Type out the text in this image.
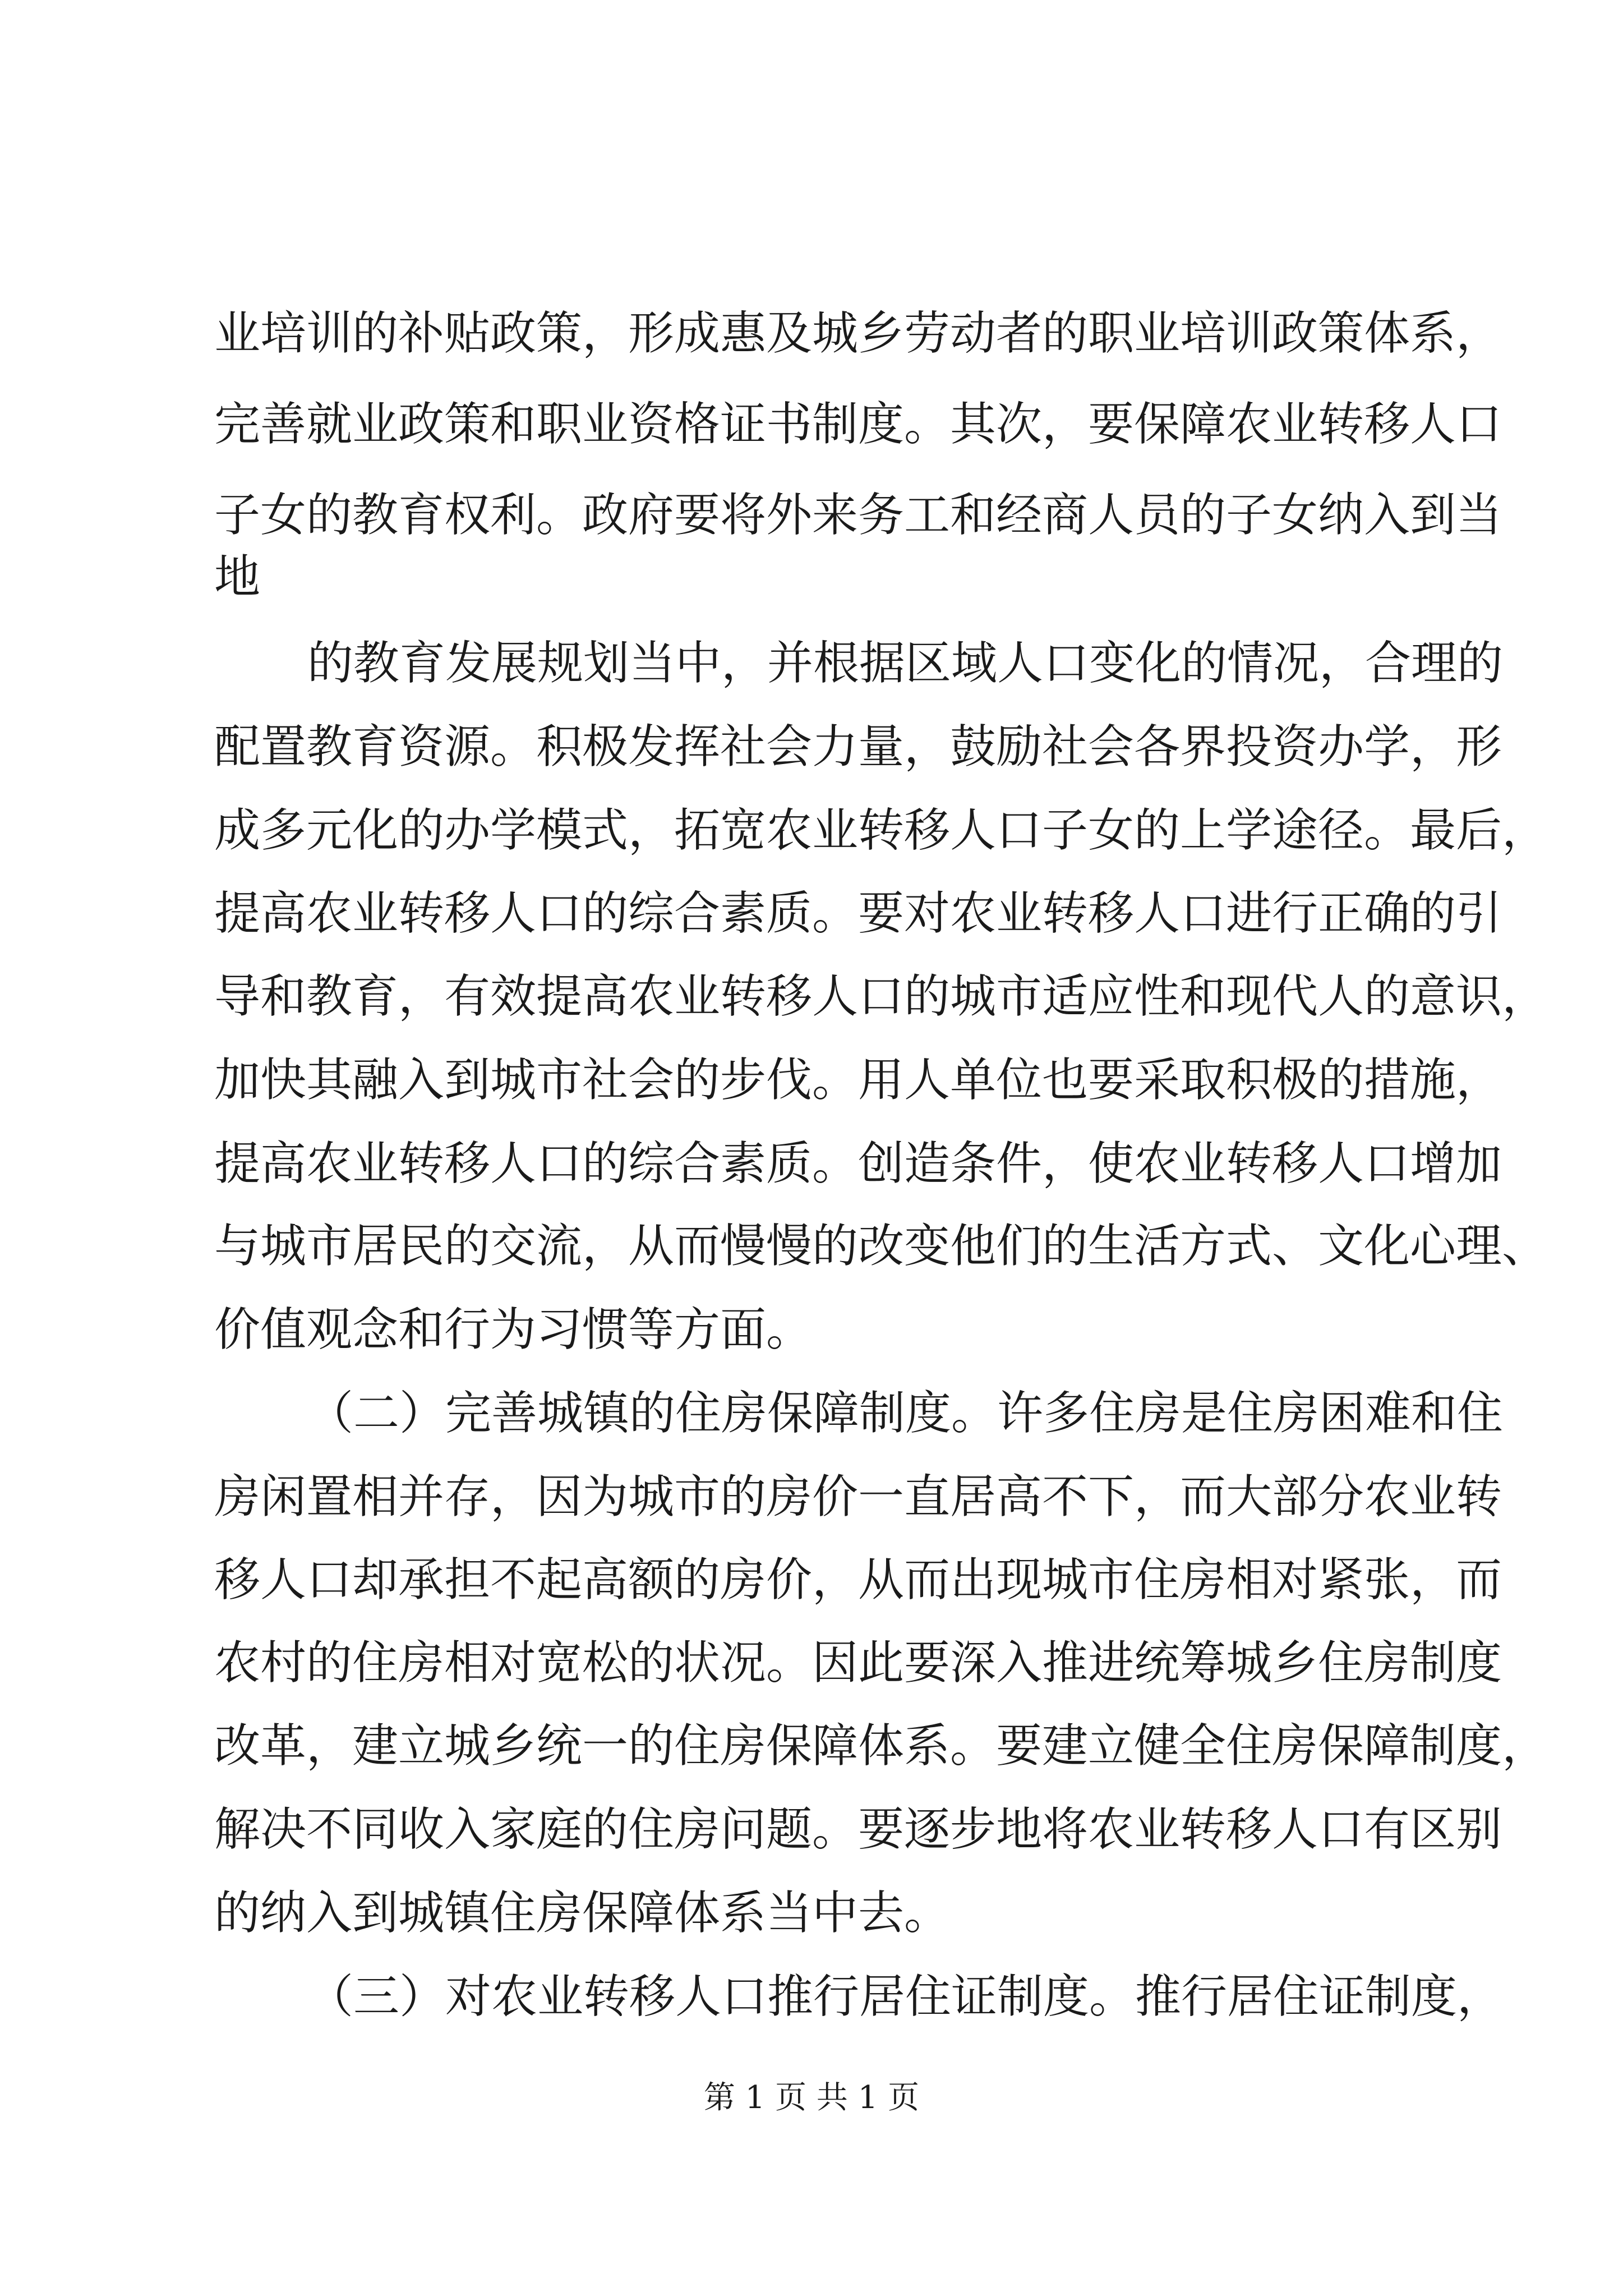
业培训的补贴政策，形成惠及城乡劳动者的职业培训政策体系，
完善就业政策和职业资格证书制度。其次，要保障农业转移人口
子女的教育权利。政府要将外来务工和经商人员的子女纳入到当
地
的教育发展规划当中，并根据区域人口变化的情况，合理的
配置教育资源。积极发挥社会力量，鼓励社会各界投资办学，形
成多元化的办学模式，拓宽农业转移人口子女的上学途径。最后，
提高农业转移人口的综合素质。要对农业转移人口进行正确的引
导和教育，有效提高农业转移人口的城市适应性和现代人的意识，
加快其融入到城市社会的步伐。用人单位也要采取积极的措施，
提高农业转移人口的综合素质。创造条件，使农业转移人口增加
与城市居民的交流，从而慢慢的改变他们的生活方式、文化心理、
价值观念和行为习惯等方面。
（二）完善城镇的住房保障制度。许多住房是住房困难和住
房闲置相并存，因为城市的房价一直居高不下，而大部分农业转
移人口却承担不起高额的房价，从而出现城市住房相对紧张，而
农村的住房相对宽松的状况。因此要深入推进统筹城乡住房制度
改革，建立城乡统一的住房保障体系。要建立健全住房保障制度，
解决不同收入家庭的住房问题。要逐步地将农业转移人口有区别
的纳入到城镇住房保障体系当中去。
（三）对农业转移人口推行居住证制度。推行居住证制度，
第 1 页 共 1 页
